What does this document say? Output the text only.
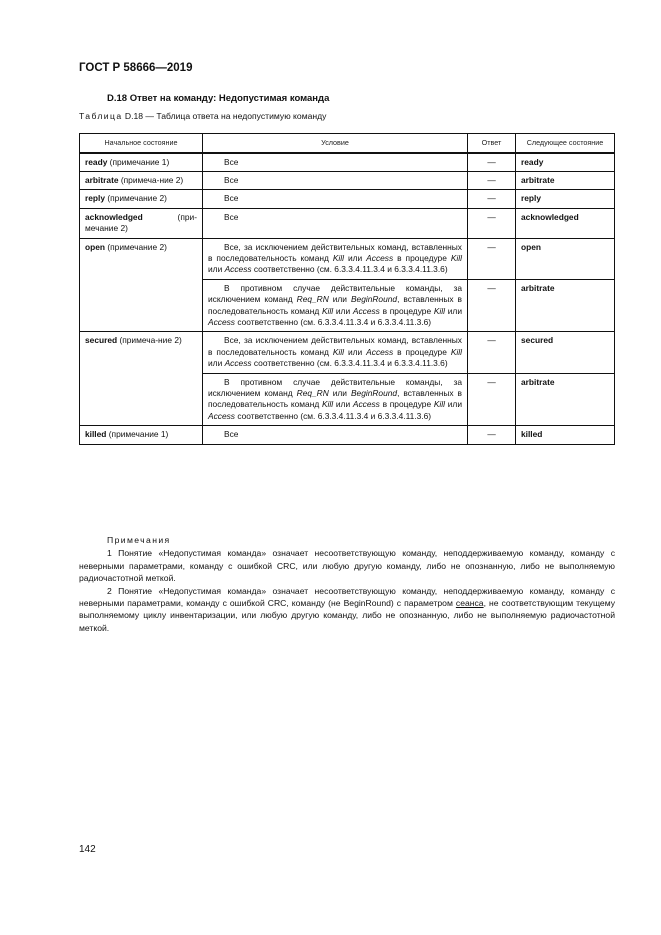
ГОСТ Р 58666—2019
D.18 Ответ на команду: Недопустимая команда
Таблица D.18 — Таблица ответа на недопустимую команду
Начальное состояние	Условие	Ответ	Следующее состояние
ready (примечание 1)	Все	—	ready
arbitrate (примеча-ние 2)	Все	—	arbitrate
reply (примечание 2)	Все	—	reply
acknowledged (при-мечание 2)	Все	—	acknowledged
open (примечание 2)	Все, за исключением действительных команд, вставленных в последовательность команд Kill или Access в процедуре Kill или Access соответственно (см. 6.3.3.4.11.3.4 и 6.3.3.4.11.3.6)	—	open

	В противном случае действительные команды, за исключением команд Req_RN или BeginRound, вставленных в последовательность команд Kill или Access в процедуре Kill или Access соответственно (см. 6.3.3.4.11.3.4 и 6.3.3.4.11.3.6)	—	arbitrate
secured (примеча-ние 2)	Все, за исключением действительных команд, вставленных в последовательность команд Kill или Access в процедуре Kill или Access соответственно (см. 6.3.3.4.11.3.4 и 6.3.3.4.11.3.6)	—	secured

	В противном случае действительные команды, за исключением команд Req_RN или BeginRound, вставленных в последовательность команд Kill или Access в процедуре Kill или Access соответственно (см. 6.3.3.4.11.3.4 и 6.3.3.4.11.3.6)	—	arbitrate
killed (примечание 1)	Все	—	killed

Примечания

1 Понятие «Недопустимая команда» означает несоответствующую команду, неподдерживаемую команду, команду с неверными параметрами, команду с ошибкой CRC, или любую другую команду, либо не опознанную, либо не выполняемую радиочастотной меткой.

2 Понятие «Недопустимая команда» означает несоответствующую команду, неподдерживаемую команду, команду с неверными параметрами, команду с ошибкой CRC, команду (не BeginRound) с параметром сеанса, не соответствующим текущему выполняемому циклу инвентаризации, или любую другую команду, либо не опознанную, либо не выполняемую радиочастотной меткой.

142
